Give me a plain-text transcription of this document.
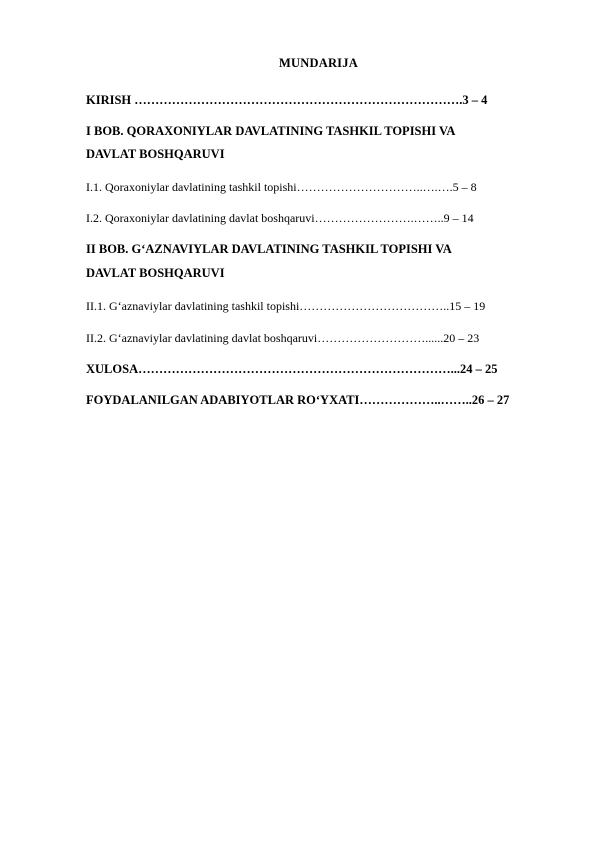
MUNDARIJA
KIRISH …………………………………………………………………….3 – 4
I BOB. QORAXONIYLAR DAVLATINING TASHKIL TOPISHI VA
DAVLAT BOSHQARUVI
I.1. Qoraxoniylar davlatining tashkil topishi…………………………..….….5 – 8
I.2. Qoraxoniylar davlatining davlat boshqaruvi…………………….……..9 – 14
II BOB. G‘AZNAVIYLAR DAVLATINING TASHKIL TOPISHI VA
DAVLAT BOSHQARUVI
II.1. G‘aznaviylar davlatining tashkil topishi………………………………..15 – 19
II.2. G‘aznaviylar davlatining davlat boshqaruvi………………………......20 – 23
XULOSA…………………………………………………………………...24 – 25
FOYDALANILGAN ADABIYOTLAR RO‘YXATI………………..……..26 – 27
